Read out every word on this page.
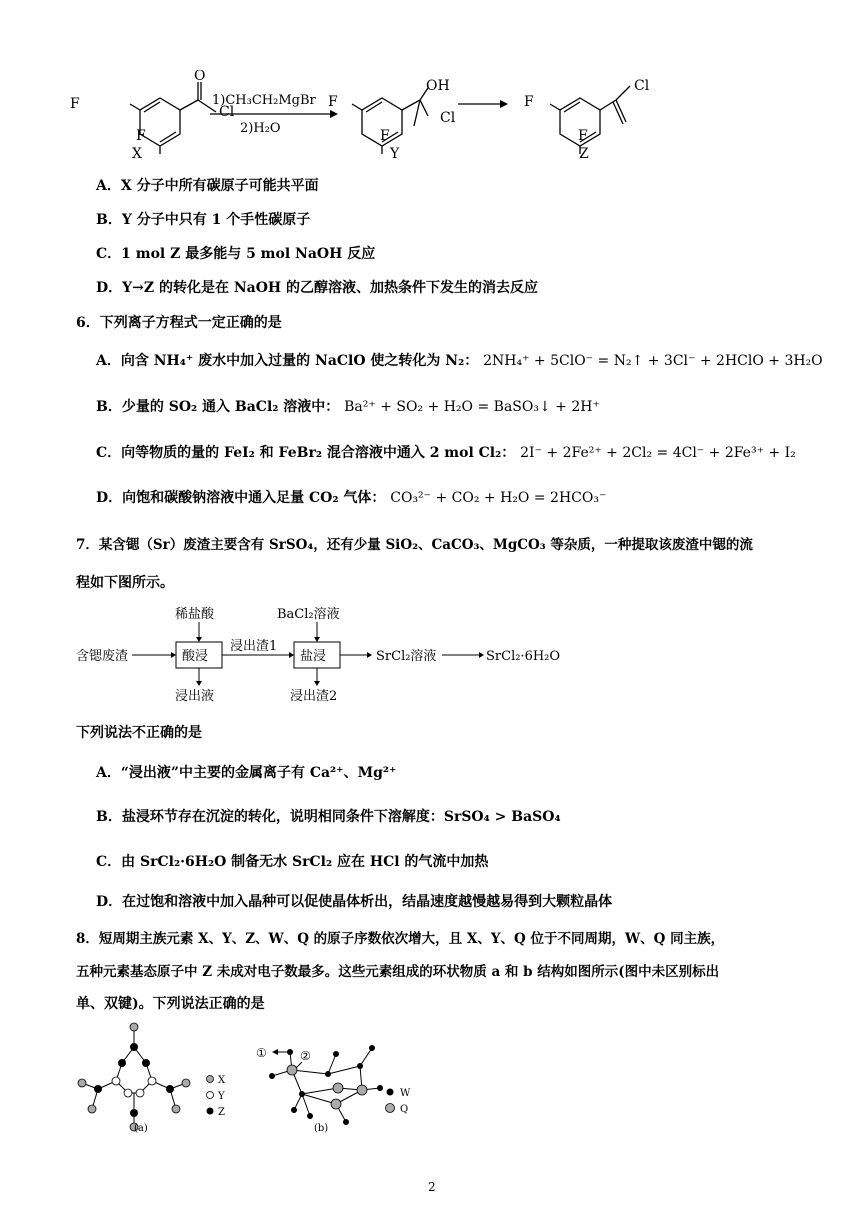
F
O
Cl
F
X
1)CH₃CH₂MgBr
2)H₂O
F
OH
Cl
F
Y
F
Cl
F
Z
A．X 分子中所有碳原子可能共平面
B．Y 分子中只有 1 个手性碳原子
C．1 mol Z 最多能与 5 mol NaOH 反应
D．Y→Z 的转化是在 NaOH 的乙醇溶液、加热条件下发生的消去反应
6．下列离子方程式一定正确的是
A．向含 NH₄⁺ 废水中加入过量的 NaClO 使之转化为 N₂： 2NH₄⁺ + 5ClO⁻ = N₂↑ + 3Cl⁻ + 2HClO + 3H₂O
B．少量的 SO₂ 通入 BaCl₂ 溶液中： Ba²⁺ + SO₂ + H₂O = BaSO₃↓ + 2H⁺
C．向等物质的量的 FeI₂ 和 FeBr₂ 混合溶液中通入 2 mol Cl₂： 2I⁻ + 2Fe²⁺ + 2Cl₂ = 4Cl⁻ + 2Fe³⁺ + I₂
D．向饱和碳酸钠溶液中通入足量 CO₂ 气体： CO₃²⁻ + CO₂ + H₂O = 2HCO₃⁻
7．某含锶（Sr）废渣主要含有 SrSO₄，还有少量 SiO₂、CaCO₃、MgCO₃ 等杂质，一种提取该废渣中锶的流
程如下图所示。
含锶废渣	酸浸
稀盐酸
浸出液
浸出渣1
盐浸
BaCl₂溶液
浸出渣2
SrCl₂溶液	SrCl₂·6H₂O
下列说法不正确的是
A．“浸出液”中主要的金属离子有 Ca²⁺、Mg²⁺
B．盐浸环节存在沉淀的转化，说明相同条件下溶解度：SrSO₄ > BaSO₄
C．由 SrCl₂·6H₂O 制备无水 SrCl₂ 应在 HCl 的气流中加热
D．在过饱和溶液中加入晶种可以促使晶体析出，结晶速度越慢越易得到大颗粒晶体
8．短周期主族元素 X、Y、Z、W、Q 的原子序数依次增大，且 X、Y、Q 位于不同周期，W、Q 同主族，
五种元素基态原子中 Z 未成对电子数最多。这些元素组成的环状物质 a 和 b 结构如图所示(图中未区别标出
单、双键)。下列说法正确的是
X
Y
Z
(a)
①	②
W
Q
(b)
2
